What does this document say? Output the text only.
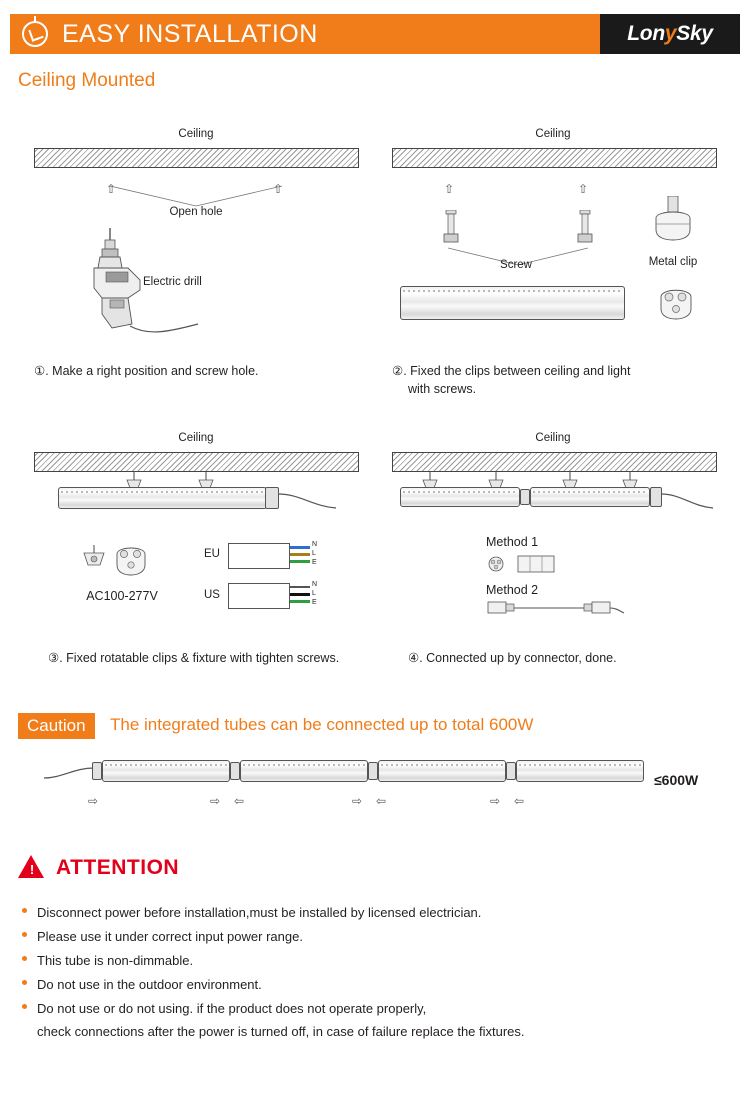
EASY INSTALLATION	LonySky
Ceiling Mounted
Ceiling
⇧	⇧
Open hole
Electric drill
①. Make a right position and screw hole.
Ceiling
⇧	⇧
Screw	Metal clip
②. Fixed the clips between ceiling and light
with screws.
Ceiling
AC100-277V
EU
N
L
E
US
N
L
E
③. Fixed rotatable clips & fixture with tighten screws.
Ceiling
Method 1
Method 2
④. Connected up by connector, done.
Caution	The integrated tubes can be connected up to total 600W
≤600W
⇨	⇨ ⇦	⇨ ⇦	⇨ ⇦
! ATTENTION
Disconnect power before installation,must be installed by licensed electrician.
Please use it under correct input power range.
This tube is non-dimmable.
Do not use in the outdoor environment.
Do not use or do not using. if the product does not operate properly,
check connections after the power is turned off, in case of failure replace the fixtures.
